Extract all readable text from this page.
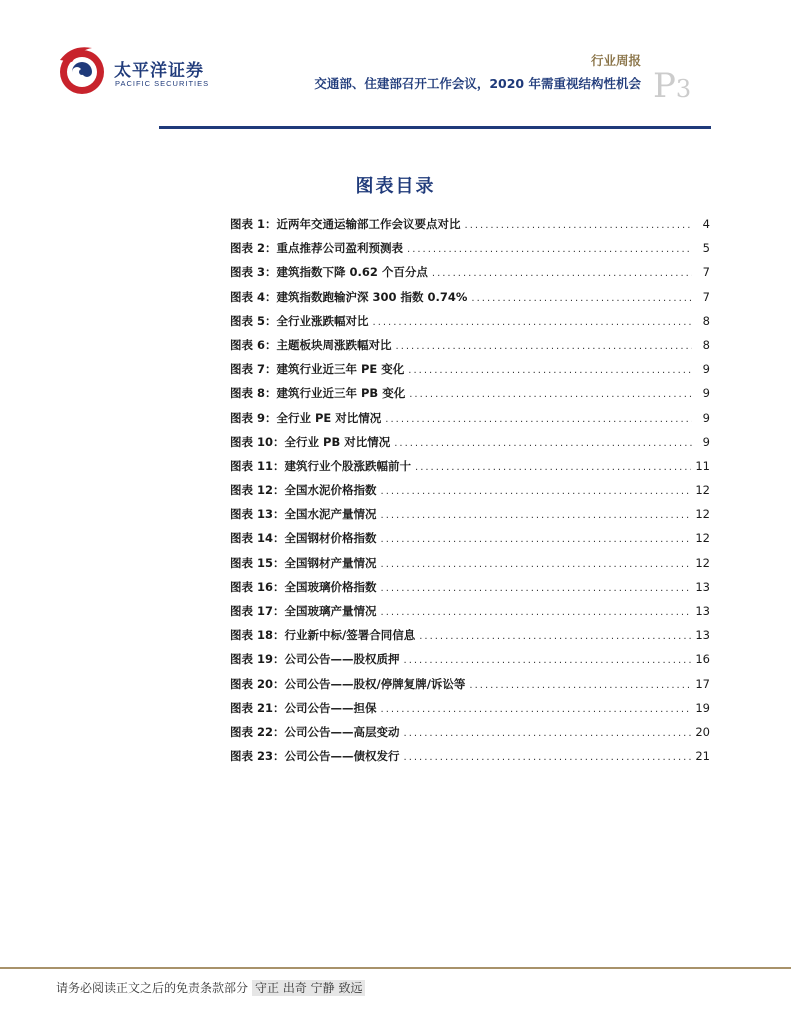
太平洋证券
PACIFIC SECURITIES
行业周报
交通部、住建部召开工作会议，2020 年需重视结构性机会 P3
图表目录
图表 1：近两年交通运输部工作会议要点对比 .....	4
图表 2：重点推荐公司盈利预测表 .....	5
图表 3：建筑指数下降 0.62 个百分点 .....	7
图表 4：建筑指数跑输沪深 300 指数 0.74% .....	7
图表 5：全行业涨跌幅对比 .....	8
图表 6：主题板块周涨跌幅对比 .....	8
图表 7：建筑行业近三年 PE 变化 .....	9
图表 8：建筑行业近三年 PB 变化 .....	9
图表 9：全行业 PE 对比情况 .....	9
图表 10：全行业 PB 对比情况 .....	9
图表 11：建筑行业个股涨跌幅前十 .....	11
图表 12：全国水泥价格指数 .....	12
图表 13：全国水泥产量情况 .....	12
图表 14：全国钢材价格指数 .....	12
图表 15：全国钢材产量情况 .....	12
图表 16：全国玻璃价格指数 .....	13
图表 17：全国玻璃产量情况 .....	13
图表 18：行业新中标/签署合同信息 .....	13
图表 19：公司公告——股权质押 .....	16
图表 20：公司公告——股权/停牌复牌/诉讼等 .....	17
图表 21：公司公告——担保 .....	19
图表 22：公司公告——高层变动 .....	20
图表 23：公司公告——债权发行 .....	21
请务必阅读正文之后的免责条款部分 守正 出奇 宁静 致远
